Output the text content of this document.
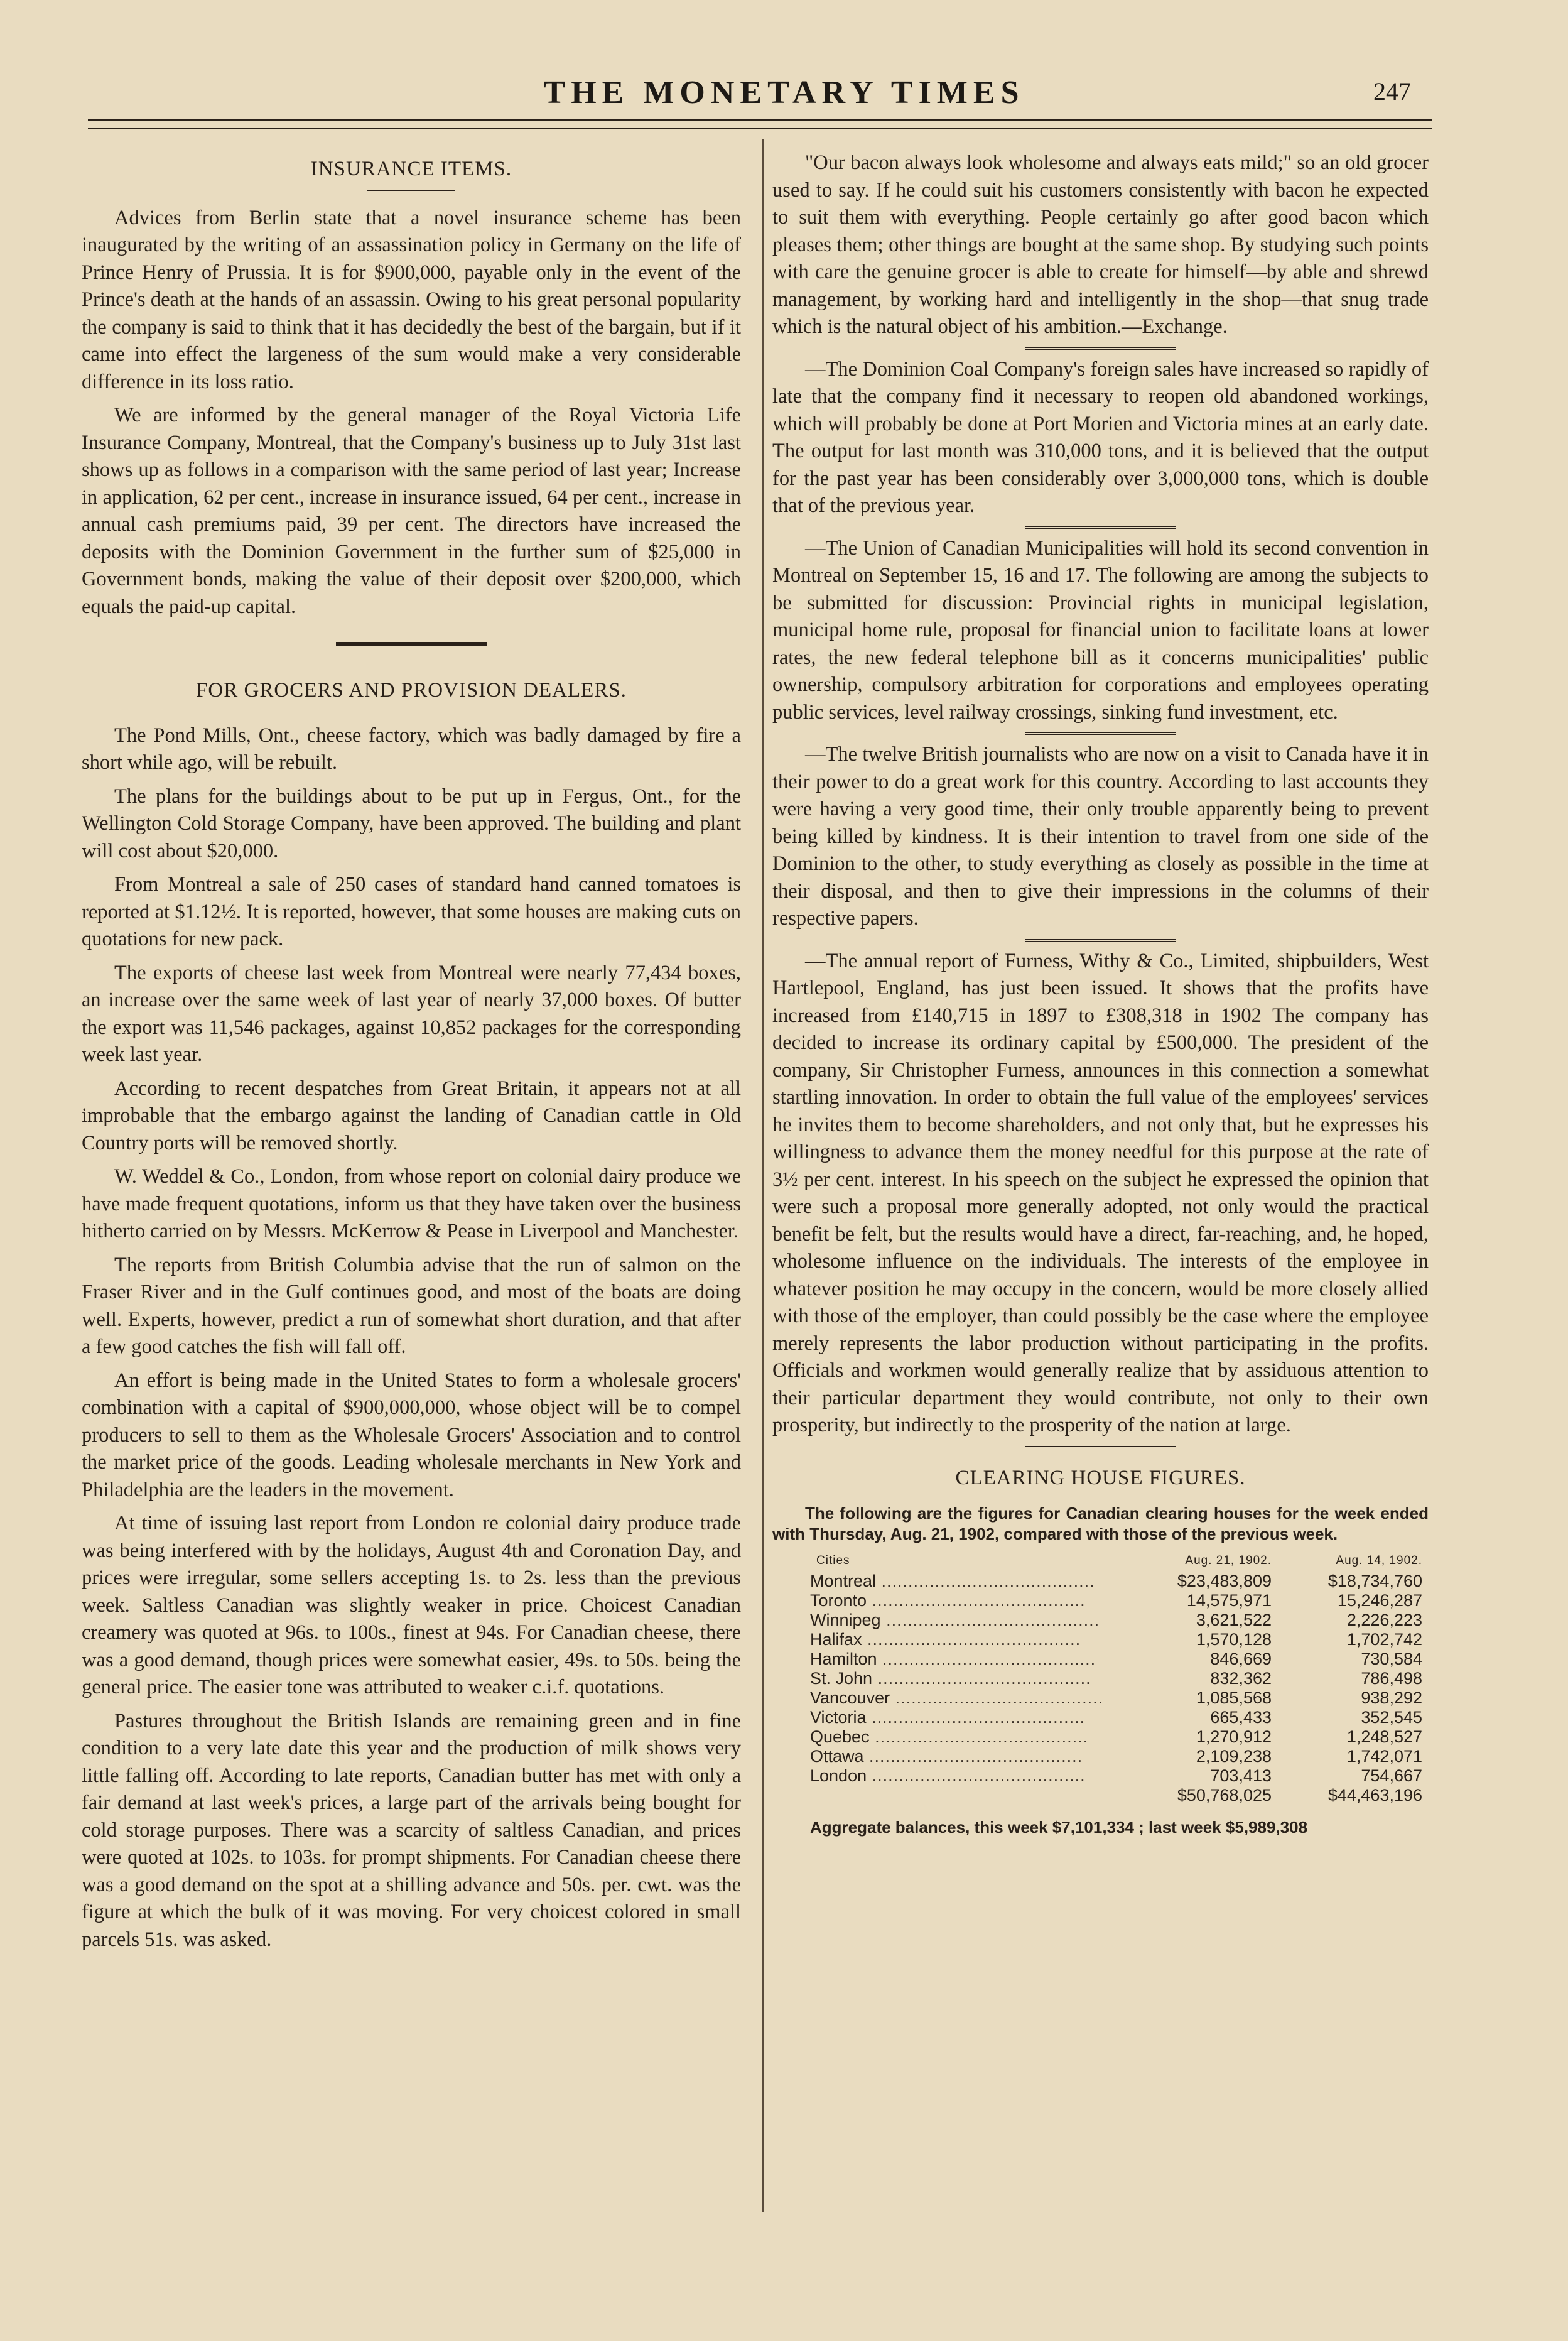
THE MONETARY TIMES	247
INSURANCE ITEMS.

Advices from Berlin state that a novel insurance scheme has been inaugurated by the writing of an assassination policy in Germany on the life of Prince Henry of Prussia. It is for $900,000, payable only in the event of the Prince's death at the hands of an assassin. Owing to his great personal popularity the company is said to think that it has decidedly the best of the bargain, but if it came into effect the largeness of the sum would make a very considerable difference in its loss ratio.

We are informed by the general manager of the Royal Victoria Life Insurance Company, Montreal, that the Company's business up to July 31st last shows up as follows in a comparison with the same period of last year; Increase in application, 62 per cent., increase in insurance issued, 64 per cent., increase in annual cash premiums paid, 39 per cent. The directors have increased the deposits with the Dominion Government in the further sum of $25,000 in Government bonds, making the value of their deposit over $200,000, which equals the paid-up capital.

FOR GROCERS AND PROVISION DEALERS.

The Pond Mills, Ont., cheese factory, which was badly damaged by fire a short while ago, will be rebuilt.

The plans for the buildings about to be put up in Fergus, Ont., for the Wellington Cold Storage Company, have been approved. The building and plant will cost about $20,000.

From Montreal a sale of 250 cases of standard hand canned tomatoes is reported at $1.12½. It is reported, however, that some houses are making cuts on quotations for new pack.

The exports of cheese last week from Montreal were nearly 77,434 boxes, an increase over the same week of last year of nearly 37,000 boxes. Of butter the export was 11,546 packages, against 10,852 packages for the corresponding week last year.

According to recent despatches from Great Britain, it appears not at all improbable that the embargo against the landing of Canadian cattle in Old Country ports will be removed shortly.

W. Weddel & Co., London, from whose report on colonial dairy produce we have made frequent quotations, inform us that they have taken over the business hitherto carried on by Messrs. McKerrow & Pease in Liverpool and Manchester.

The reports from British Columbia advise that the run of salmon on the Fraser River and in the Gulf continues good, and most of the boats are doing well. Experts, however, predict a run of somewhat short duration, and that after a few good catches the fish will fall off.

An effort is being made in the United States to form a wholesale grocers' combination with a capital of $900,000,000, whose object will be to compel producers to sell to them as the Wholesale Grocers' Association and to control the market price of the goods. Leading wholesale merchants in New York and Philadelphia are the leaders in the movement.

At time of issuing last report from London re colonial dairy produce trade was being interfered with by the holidays, August 4th and Coronation Day, and prices were irregular, some sellers accepting 1s. to 2s. less than the previous week. Saltless Canadian was slightly weaker in price. Choicest Canadian creamery was quoted at 96s. to 100s., finest at 94s. For Canadian cheese, there was a good demand, though prices were somewhat easier, 49s. to 50s. being the general price. The easier tone was attributed to weaker c.i.f. quotations.

Pastures throughout the British Islands are remaining green and in fine condition to a very late date this year and the production of milk shows very little falling off. According to late reports, Canadian butter has met with only a fair demand at last week's prices, a large part of the arrivals being bought for cold storage purposes. There was a scarcity of saltless Canadian, and prices were quoted at 102s. to 103s. for prompt shipments. For Canadian cheese there was a good demand on the spot at a shilling advance and 50s. per. cwt. was the figure at which the bulk of it was moving. For very choicest colored in small parcels 51s. was asked.

"Our bacon always look wholesome and always eats mild;" so an old grocer used to say. If he could suit his customers consistently with bacon he expected to suit them with everything. People certainly go after good bacon which pleases them; other things are bought at the same shop. By studying such points with care the genuine grocer is able to create for himself—by able and shrewd management, by working hard and intelligently in the shop—that snug trade which is the natural object of his ambition.—Exchange.

—The Dominion Coal Company's foreign sales have increased so rapidly of late that the company find it necessary to reopen old abandoned workings, which will probably be done at Port Morien and Victoria mines at an early date. The output for last month was 310,000 tons, and it is believed that the output for the past year has been considerably over 3,000,000 tons, which is double that of the previous year.

—The Union of Canadian Municipalities will hold its second convention in Montreal on September 15, 16 and 17. The following are among the subjects to be submitted for discussion: Provincial rights in municipal legislation, municipal home rule, proposal for financial union to facilitate loans at lower rates, the new federal telephone bill as it concerns municipalities' public ownership, compulsory arbitration for corporations and employees operating public services, level railway crossings, sinking fund investment, etc.

—The twelve British journalists who are now on a visit to Canada have it in their power to do a great work for this country. According to last accounts they were having a very good time, their only trouble apparently being to prevent being killed by kindness. It is their intention to travel from one side of the Dominion to the other, to study everything as closely as possible in the time at their disposal, and then to give their impressions in the columns of their respective papers.

—The annual report of Furness, Withy & Co., Limited, shipbuilders, West Hartlepool, England, has just been issued. It shows that the profits have increased from £140,715 in 1897 to £308,318 in 1902 The company has decided to increase its ordinary capital by £500,000. The president of the company, Sir Christopher Furness, announces in this connection a somewhat startling innovation. In order to obtain the full value of the employees' services he invites them to become shareholders, and not only that, but he expresses his willingness to advance them the money needful for this purpose at the rate of 3½ per cent. interest. In his speech on the subject he expressed the opinion that were such a proposal more generally adopted, not only would the practical benefit be felt, but the results would have a direct, far-reaching, and, he hoped, wholesome influence on the individuals. The interests of the employee in whatever position he may occupy in the concern, would be more closely allied with those of the employer, than could possibly be the case where the employee merely represents the labor production without participating in the profits. Officials and workmen would generally realize that by assiduous attention to their particular department they would contribute, not only to their own prosperity, but indirectly to the prosperity of the nation at large.

CLEARING HOUSE FIGURES.

The following are the figures for Canadian clearing houses for the week ended with Thursday, Aug. 21, 1902, compared with those of the previous week.

Cities	Aug. 21, 1902.	Aug. 14, 1902.

Montreal .....	$23,483,809	$18,734,760

Toronto .....	14,575,971	15,246,287

Winnipeg .....	3,621,522	2,226,223

Halifax .....	1,570,128	1,702,742

Hamilton .....	846,669	730,584

St. John .....	832,362	786,498

Vancouver .....	1,085,568	938,292

Victoria .....	665,433	352,545

Quebec .....	1,270,912	1,248,527

Ottawa .....	2,109,238	1,742,071

London .....	703,413	754,667
	$50,768,025	$44,463,196
Aggregate balances, this week $7,101,334 ; last week $5,989,308
